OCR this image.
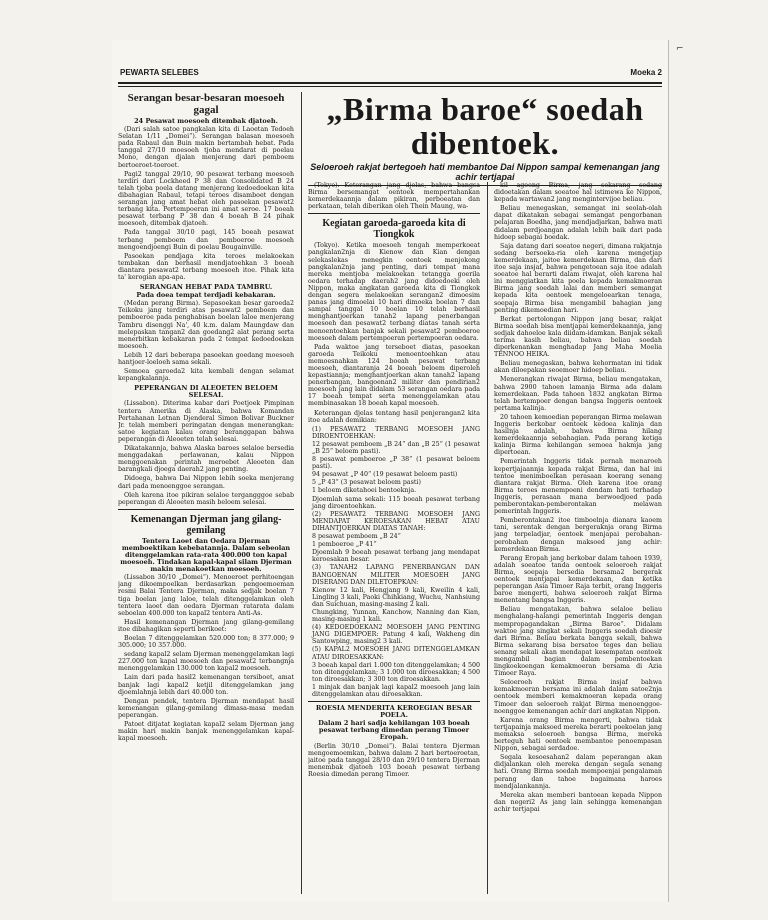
PEWARTA SELEBES	Moeka 2
Serangan besar-besaran moesoeh gagal
24 Pesawat moesoeh ditembak djatoeh.

(Dari salah satoe pangkalan kita di Laoetan Tedoeh Selatan 1/11 „Domei“). Serangan balasan moesoeh pada Rabaul dan Buin makin bertambah hebat. Pada tanggal 27/10 moesoeh tjoba mendarat di poelau Mono, dengan djalan menjerang dari pemboem bertoeroet-toeroet.

Pagi2 tanggal 29/10, 90 pesawat terbang moesoeh terdiri dari Lockheed P 38 dan Consolidated B 24 telah tjoba poela datang menjerang kedoedoekan kita dibahagian Rabaul, tetapi teroes disamboet dengan serangan jang amat hebat oleh pasoekan pesawat2 terbang kita. Pertempoeran ini amat seroe. 17 boeah pesawat terbang P 38 dan 4 boeah B 24 pihak moesoeh, ditembak djatoeh.

Pada tanggal 30/10 pagi, 145 boeah pesawat terbang pemboem dan pemboeroe moesoeh mengoendjoengi Buin di poelau Bougainville.

Pasoekan pendjaga kita teroes melakoekan tembakan dan berhasil mendjatoehkan 3 boeah diantara pesawat2 terbang moesoeh itoe. Pihak kita ta' kerogian apa-apa.

SERANGAN HEBAT PADA TAMBRU.
Pada doea tempat terdjadi kebakaran.

(Medan perang Birma). Sepasoekan besar garoeda2 Teikoku jang terdiri atas pesawat2 pemboem dan pemboeroe pada penghabisan boelan laloe menjerang Tambru disenggi Na', 40 k.m. dalam Maungdaw dan melepaskan tangan2 dan goedang2 alat perang serta menerbitkan kebakaran pada 2 tempat kedoedoekan moesoeh.

Lebih 12 dari beberapa pasoekan goedang moesoeh hantjoer-loeloeh sama sekali.

Semoea garoeda2 kita kembali dengan selamat kepangkalannja.

PEPERANGAN DI ALEOETEN BELOEM SELESAI.

(Lissabon). Diterima kabar dari Poetjoek Pimpinan tentera Amerika di Alaska, bahwa Komandan Pertahanan Letnan Djenderal Simon Bolivar Buckner Jr. telah memberi peringatan dengan menerangkan: satoe kegiatan kalau orang beranggapan bahwa peperangan di Aleoeten telah selesai.

Dikatakannja, bahwa Alaska baroes selaloe bersedia menggadakan perlawanan, kalau Nippon menggoenakan perintah meroebet Aleoeten dan barangkali djoega daerah2 jang penting.

Didoega, bahwa Dai Nippon lebih soeka menjerang dari pada menoenggoe serangan.

Oleh karena itoe pikiran selaloe tergangggoe sebab peperangan di Aleoeten masih beloem selesai.

Kemenangan Djerman jang gilang-gemilang
Tentera Laoet dan Oedara Djerman memboektikan kebebatannja. Dalam sebeolan ditenggelamkan rata-rata 400.000 ton kapal moesoeh. Tindakan kapal-kapal silam Djerman makin menakoetkan moesoeh.

(Lissabon 30/10 „Domei“). Menoeroet perhitoengan jang dikoempoelkan berdasarkan pengoemoeman resmi Balai Tentera Djerman, maka sedjak boelan 7 tiga boelan jang laloe, telah ditenggelamkan oleh tentera laoet dan oedara Djerman ratarata dalam seboelan 400.000 ton kapal2 tentera Anti-As.

Hasil kemenangan Djerman jang gilang-gemilang itoe dibahagikan seperti berikoet:

Boelan 7 ditenggelamkan 520.000 ton; 8 377.000; 9 305.000; 10 357.000.

sedang kapal2 selam Djerman menenggelamkan lagi 227.000 ton kapal moesoeh dan pesawat2 terbangnja menenggelamkan 130.000 ton kapal2 moesoeh.

Lain dari pada hasil2 kemenangan tersiboet, amat banjak lagi kapal2 ketjil ditenggelamkan jang djoemlahnja lebih dari 40.000 ton.

Dengan pendek, tentera Djerman mendapat hasil kemenangan gilang-gemilang dimasa-masa medan peperangan.

Patoet ditjatat kegiatan kapal2 selam Djerman jang makin hari makin banjak menenggelamkan kapal-kapal moesoeh.

„Birma baroe“ soedah dibentoek.
Seloeroeh rakjat bertegoeh hati membantoe Dai Nippon sampai kemenangan jang achir tertjapai

(Tokyo). Keterangan jang djelas, bahwa bangsa Birma bersemangat oentoek mempertahankan kemerdekaannja dalam pikiran, perboeatan dan perkataan, telah diberikan oleh Thein Maung, wa-

Kegiatan garoeda-garoeda kita di Tiongkok

(Tokyo). Ketika moesoeh tengah memperkoeat pangkalan2nja di Kienow dan Kian dengan selekaslekas menegkin oentoek menjokong pangkalan2nja jang penting, dari tempat mana mereka mentjoba melakoekan tetangga goerila oedara terhadap daerah2 jang didoedoeki oleh Nippon, maka angkatan garoeda kita di Tiongkok dengan segera melakoekan serangan2 dimoesim panas jang dimoelai 10 hari dimoeka boelan 7 dan sampai tanggal 10 boelan 10 telah berhasil menghantjoerkan tanah2 lapang penerbangan moesoeh dan pesawat2 terbang diatas tanah serta menoentoehkan banjak sekali pesawat2 pemboeroe moesoeh dalam pertempoeran pertempoeran oedara.

Pada waktoe jang terseboet diatas, pasoekan garoeda Teikoku menoentoehkan atau memoesnahkan 124 boeah pesawat terbang moesoeh, diantaranja 24 boeah beloem diperoleh kepastiannja; menghantjoerkan akan tanah2 lapang penerbangan, bangoenan2 militer dan pendirian2 moesoeh jang lain didalam 53 serangan oedara pada 17 boeah tempat serta menenggelamkan atau membinasakan 18 boeah kapal moesoeh.

Keterangan djelas tentang hasil penjerangan2 kita itoe adalah demikian:

(1) PESAWAT2 TERBANG MOESOEH JANG DIROENTOEHKAN:
12 pesawat pemboem „B 24“ dan „B 25“ (1 pesawat „B 25“ beloem pasti).
8 pesawat pemboeroe „P 38“ (1 pesawat beloem pasti).
94 pesawat „P 40“ (19 pesawat beloem pasti)
5 „P 43“ (3 pesawat beloem pasti)
1 beloem diketahoei bentoeknja.
Djoemlah sama sekali: 115 boeah pesawat terbang jang diroentoehkan.
(2) PESAWAT2 TERBANG MOESOEH JANG MENDAPAT KEROESAKAN HEBAT ATAU DIHANTJOERKAN DIATAS TANAH:
8 pesawat pemboem „B 24“
1 pemboeroe „P 41“
Djoemlah 9 boeah pesawat terbang jang mendapat keroesakan besar.
(3) TANAH2 LAPANG PENERBANGAN DAN BANGOENAN MILITER MOESOEH JANG DISERANG DAN DILETOEPKAN:
Kienow 12 kali, Hengjang 9 kali, Kweilin 4 kali, Lingling 3 kali, Paoki Chihkiang, Wuchu, Nanhsiung dan Suichuan, masing-masing 2 kali.
Chungking, Yunnan, Kanchow, Nanning dan Kian, masing-masing 1 kali.
(4) KEDOEDOEKAN2 MOESOEH JANG PENTING JANG DIGEMPOER: Patung 4 kali, Wakheng din Santowping, masing2 3 kali.
(5) KAPAL2 MOESOEH JANG DITENGGELAMKAN ATAU DIROESAKKAN:
3 boeah kapal dari 1.000 ton ditenggelamkan; 4 500 ton ditenggelamkan; 3 1.000 ton diroesakkan; 4 500 ton diroesakkan; 3 300 ton diroesakkan.
1 minjak dan banjak lagi kapal2 moesoeh jang lain ditenggelamkan atau diroesakkan.
ROESIA MENDERITA KEROEGIAN BESAR POELA.
Dalam 2 hari sadja kehilangan 103 boeah pesawat terbang dimedan perang Timoer Eropah.

(Berlin 30/10 „Domei“). Balai tentera Djerman mengoemoemkan, bahwa dalam 2 hari bertoeroetan, jaitoe pada tanggal 28/10 dan 29/10 tentera Djerman menembak djatoeh 103 boeah pesawat terbang Roesia dimedan perang Timoer.

kil agoeng Birma, jang sekarang sedang didoetakan dalam soeatoe hal istimewa ke Nippon, kepada wartawan2 jang mengintervijoe beliau.

Beliau menegaskan, semangat ini seolah-olah dapat dikatakan sebagai semangat pengorbanan pelajaran Boedha, jang mendjadjarkan, bahwa mati didalam perdjoangan adalah lebih baik dari pada hidoep sebagai boedak.

Saja datang dari soeatoe negeri, dimana rakjatnja sedang bersoeka-ria oleh karena mengetjap kemerdekaan, jaitoe kemerdekaan Birma, dan dari itoe saja insjaf, bahwa pengetoean saja itoe adalah soeatoe hal berarti dalam riwajat, oleh karena hal ini menggiatkan kita poela kepada kemakmoeran Birma jang soedah lalai dan memberi semangat kepada kita oentoek mengeloearkan tenaga, soepaja Birma bisa mengambil bahagian jang penting dikemoedian hari.

Berkat pertolongan Nippon jang besar, rakjat Birma soedah bisa mentjapai kemerdekaannja, jang sedjak dahoeloe kala diidam-idamkan. Banjak sekali terima kasih beliau, bahwa beliau soedah diperkenankan menghadap Jang Maha Moelia TENNOO HEIKA.

Beliau menegaskan, bahwa kehormatan ini tidak akan diloepakan seoemoer hidoep beliau.

Menerangkan riwajat Birma, beliau mengatakan, bahwa 2900 tahoen lamanja Birma ada dalam kemerdekaan. Pada tahoen 1832 angkatan Birma telah bertempoer dengan bangsa Inggeris oentoek pertama kalinja.

20 tahoen kemoedian peperangan Birma melawan Inggeris berkobar oentoek kedoea kalinja dan hasilnja adalah, bahwa Birma hilang kemerdekaannja sebahagian. Pada perang ketiga kalinja Birma kehilangan semoea hakmja jang dipertoean.

Pemerintah Inggeris tidak pernah menaroeh kepertjajaannja kepada rakjat Birma, dan hal ini tentoe menimboelkan perasaan koerang senang diantara rakjat Birma. Oleh karena itoe orang Birma teroes menempoeni dendam hati terhadap Inggeris, perasaan mana berwoedjoed pada pemberontakan-pemberontakan melawan pemerintah Inggeris.

Pemberontakan2 itoe timboelnja dianara kaoem tani, serentak dengan bergeraknja orang Birma jang terpeladjar, oentoek menjapai perobahan-perobahan dengan maksoed jang achir: kemerdekaan Birma.

Perang Eropah jang berkobar dalam tahoen 1939, adalah soeatoe tanda oentoek seloeroeh rakjat Birma, soepaja bersedia bersama2 bergerak oentoek mentjapai kemerdekaan, dan ketika peperangan Asia Timoer Raja terbit, orang Inggeris baroe mengerti, bahwa seloeroeh rakjat Birma menentang bangsa Inggeris.

Beliau mengatakan, bahwa selaloe beliau menghalang-halangi pemerintah Inggeris dengan mempropagandakan „Birma Baroe“. Didalam waktoe jang singkat sekali Inggeris soedah dioesir dari Birma. Beliau berkata bangga sekali, bahwa Birma sekarang bisa bersatoe teges dan beliau senang sekali akan mendapat kesempatan oentoek mengambil bagian dalam pembentoekan lingkoekoengan kemakmoeran bersama di Azia Timoer Raya.

Seloeroeh rakjat Birma insjaf bahwa kemakmoeran bersama ini adalah dalam satoe2nja oentoek memberi kemakmoeran kepada orang Timoer dan seloeroeh rakjat Birma menoenggoe-noenggoe kemenangan achir dari angkatan Nippon.

Karena orang Birma mengerti, bahwa tidak tertjapainja maksoed mereka berarti poekoelan jang memaksa seloeroeh bangsa Birma, mereka berteguh hati oentoek membantoe penoempasan Nippon, sebagai serdadoe.

Segala kesoesahan2 dalam peperangan akan didjalankan oleh mereka dengan segala senang hati. Orang Birma soedah mempoenjai pengalaman perang dan tahoe bagaimana haroes mendjalankannja.

Mereka akan memberi bantoean kepada Nippon dan negeri2 As jang lain sehingga kemenangan achir tertjapai

⌐
